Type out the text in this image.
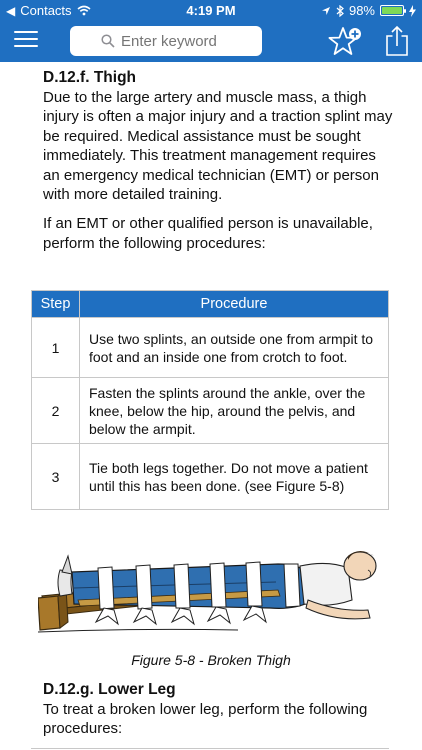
◀ Contacts	4:19 PM	98%
Enter keyword
D.12.f. Thigh
Due to the large artery and muscle mass, a thigh injury is often a major injury and a traction splint may be required. Medical assistance must be sought immediately. This treatment management requires an emergency medical technician (EMT) or person with more detailed training.
If an EMT or other qualified person is unavailable, perform the following procedures:
Step	Procedure
1	Use two splints, an outside one from armpit to foot and an inside one from crotch to foot.
2	Fasten the splints around the ankle, over the knee, below the hip, around the pelvis, and below the armpit.
3	Tie both legs together. Do not move a patient until this has been done. (see Figure 5-8)
Figure 5-8 - Broken Thigh
D.12.g. Lower Leg
To treat a broken lower leg, perform the following procedures:
